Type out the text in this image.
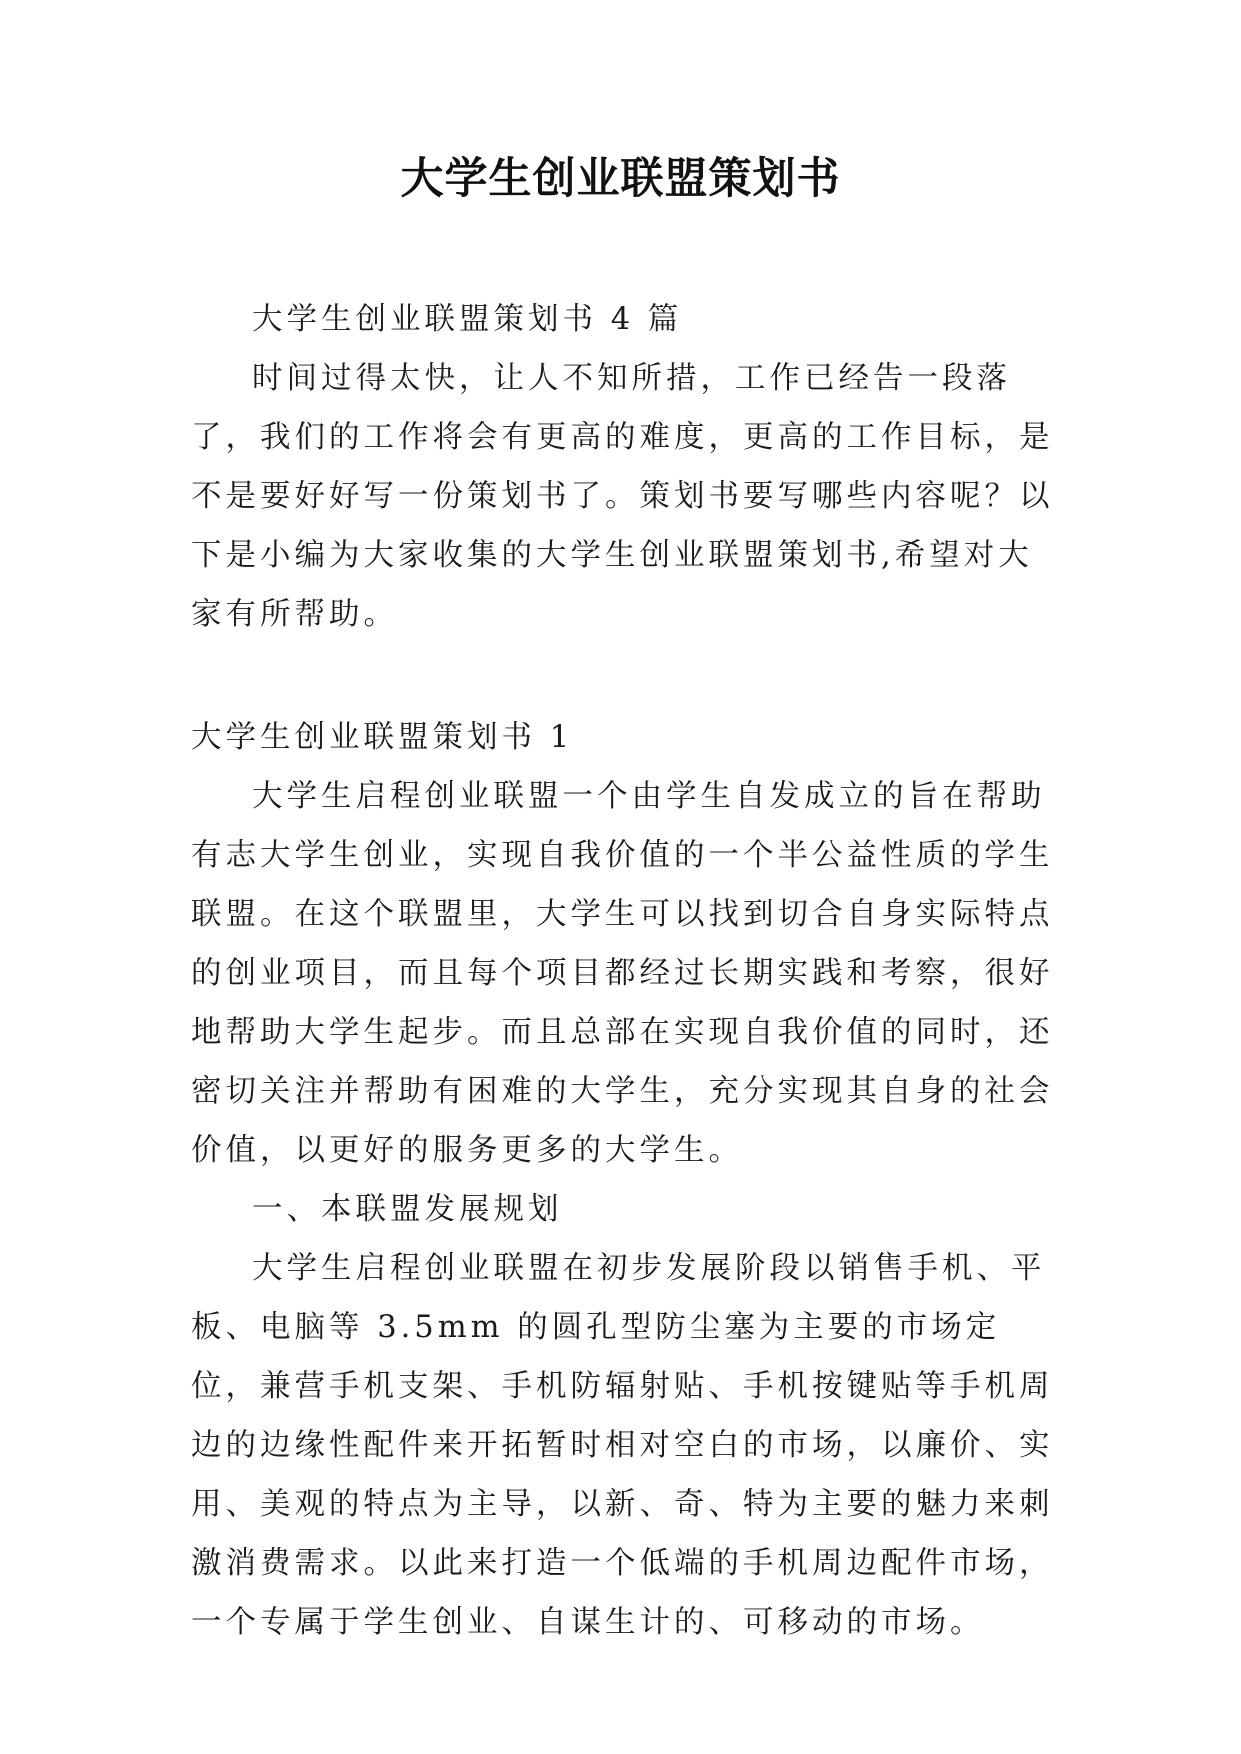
大学生创业联盟策划书

大学生创业联盟策划书 4 篇

时间过得太快，让人不知所措，工作已经告一段落了，我们的工作将会有更高的难度，更高的工作目标，是不是要好好写一份策划书了。策划书要写哪些内容呢？以下是小编为大家收集的大学生创业联盟策划书,希望对大家有所帮助。

大学生创业联盟策划书 1

大学生启程创业联盟一个由学生自发成立的旨在帮助有志大学生创业，实现自我价值的一个半公益性质的学生联盟。在这个联盟里，大学生可以找到切合自身实际特点的创业项目，而且每个项目都经过长期实践和考察，很好地帮助大学生起步。而且总部在实现自我价值的同时，还密切关注并帮助有困难的大学生，充分实现其自身的社会价值，以更好的服务更多的大学生。

一、本联盟发展规划

大学生启程创业联盟在初步发展阶段以销售手机、平板、电脑等 3.5mm 的圆孔型防尘塞为主要的市场定位，兼营手机支架、手机防辐射贴、手机按键贴等手机周边的边缘性配件来开拓暂时相对空白的市场，以廉价、实用、美观的特点为主导，以新、奇、特为主要的魅力来刺激消费需求。以此来打造一个低端的手机周边配件市场，一个专属于学生创业、自谋生计的、可移动的市场。
